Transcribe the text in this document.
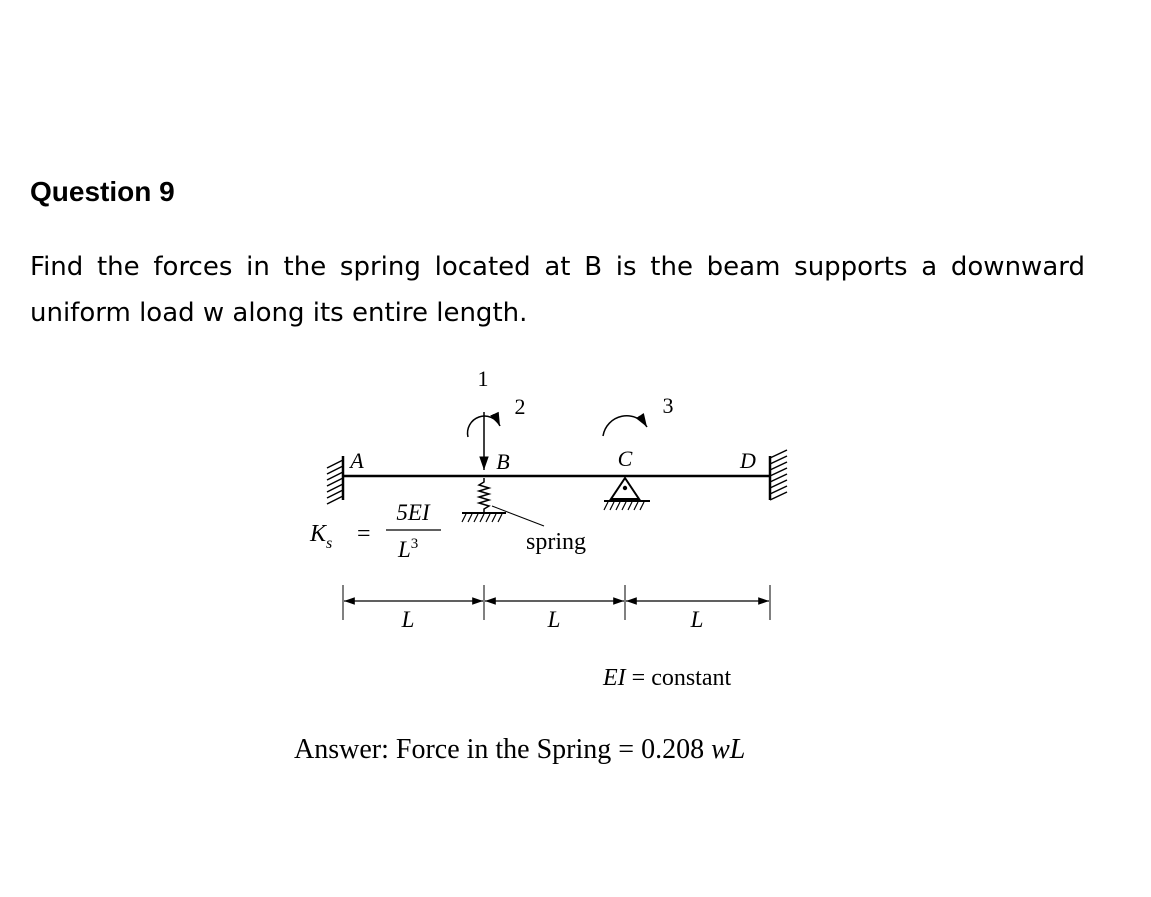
Question 9

Find the forces in the spring located at B is the beam supports a downward uniform load w along its entire length.

1
2	3
A	B	C	D
$K_s$ =
5EI
$L^3$	spring
L	L	L
EI = constant
Answer: Force in the Spring = 0.208 wL
